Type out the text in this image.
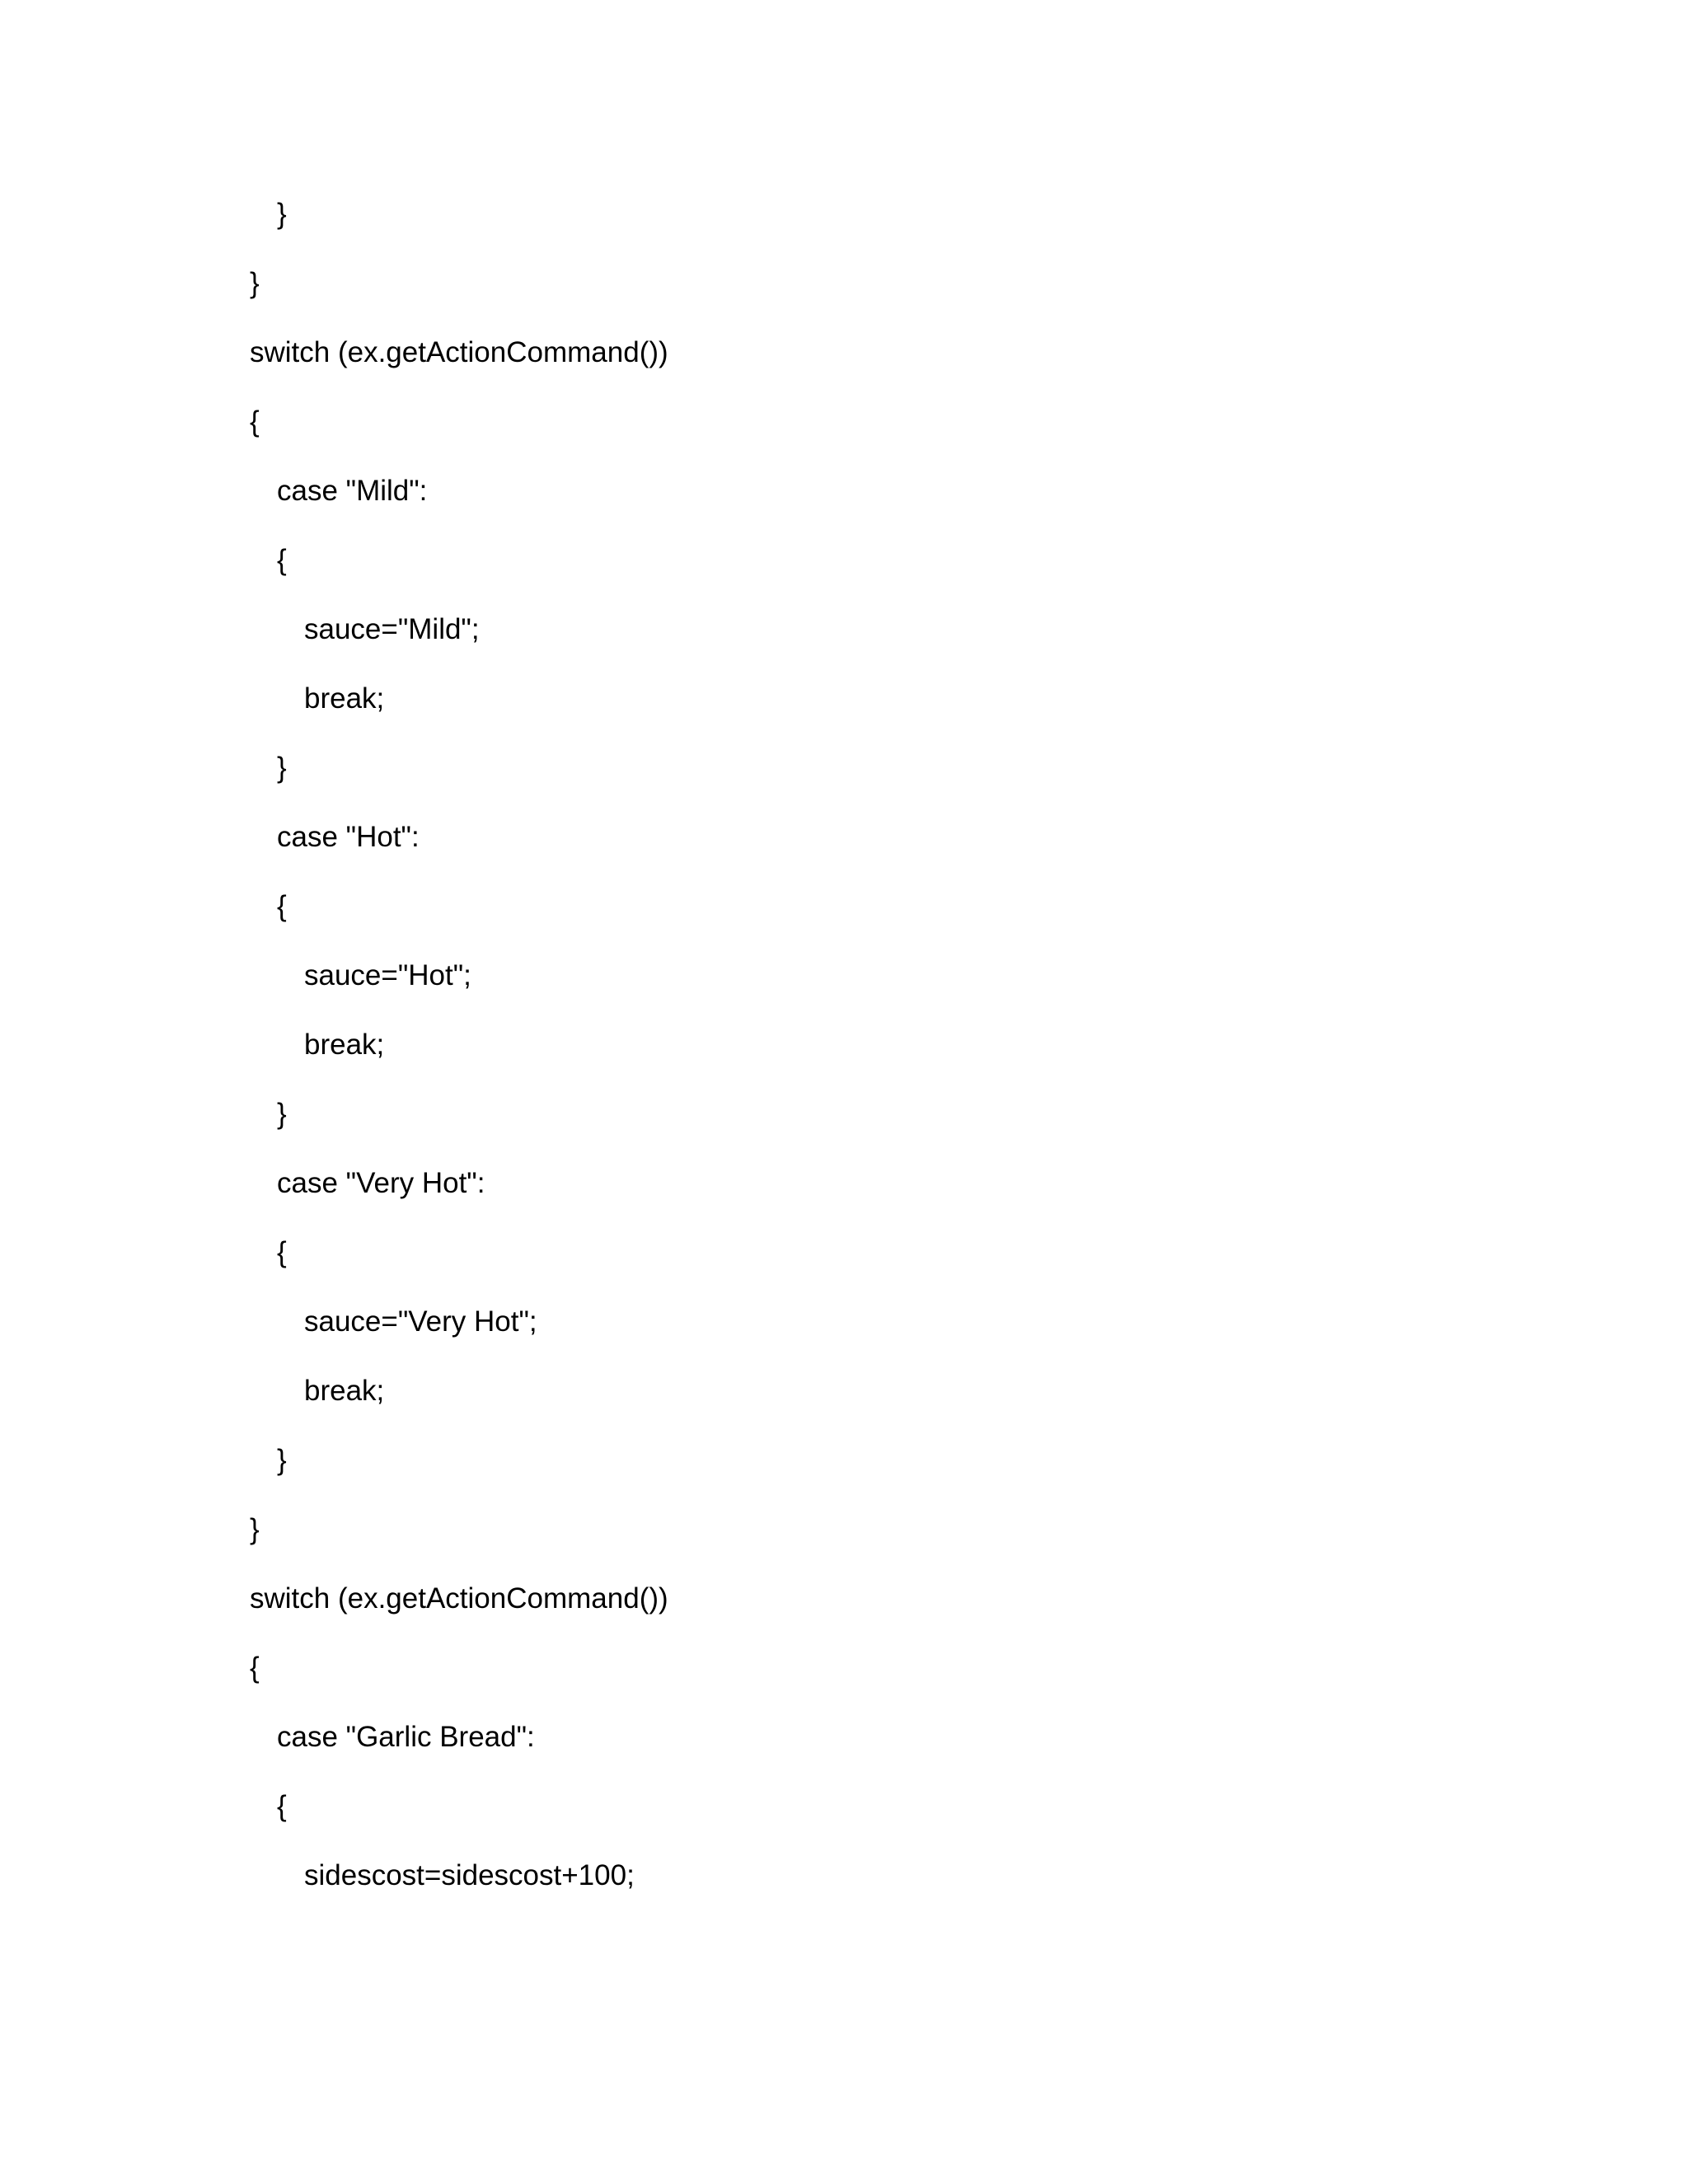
}

}

switch (ex.getActionCommand())

{

case "Mild":

{

sauce="Mild";

break;

}

case "Hot":

{

sauce="Hot";

break;

}

case "Very Hot":

{

sauce="Very Hot";

break;

}

}

switch (ex.getActionCommand())

{

case "Garlic Bread":

{

sidescost=sidescost+100;
